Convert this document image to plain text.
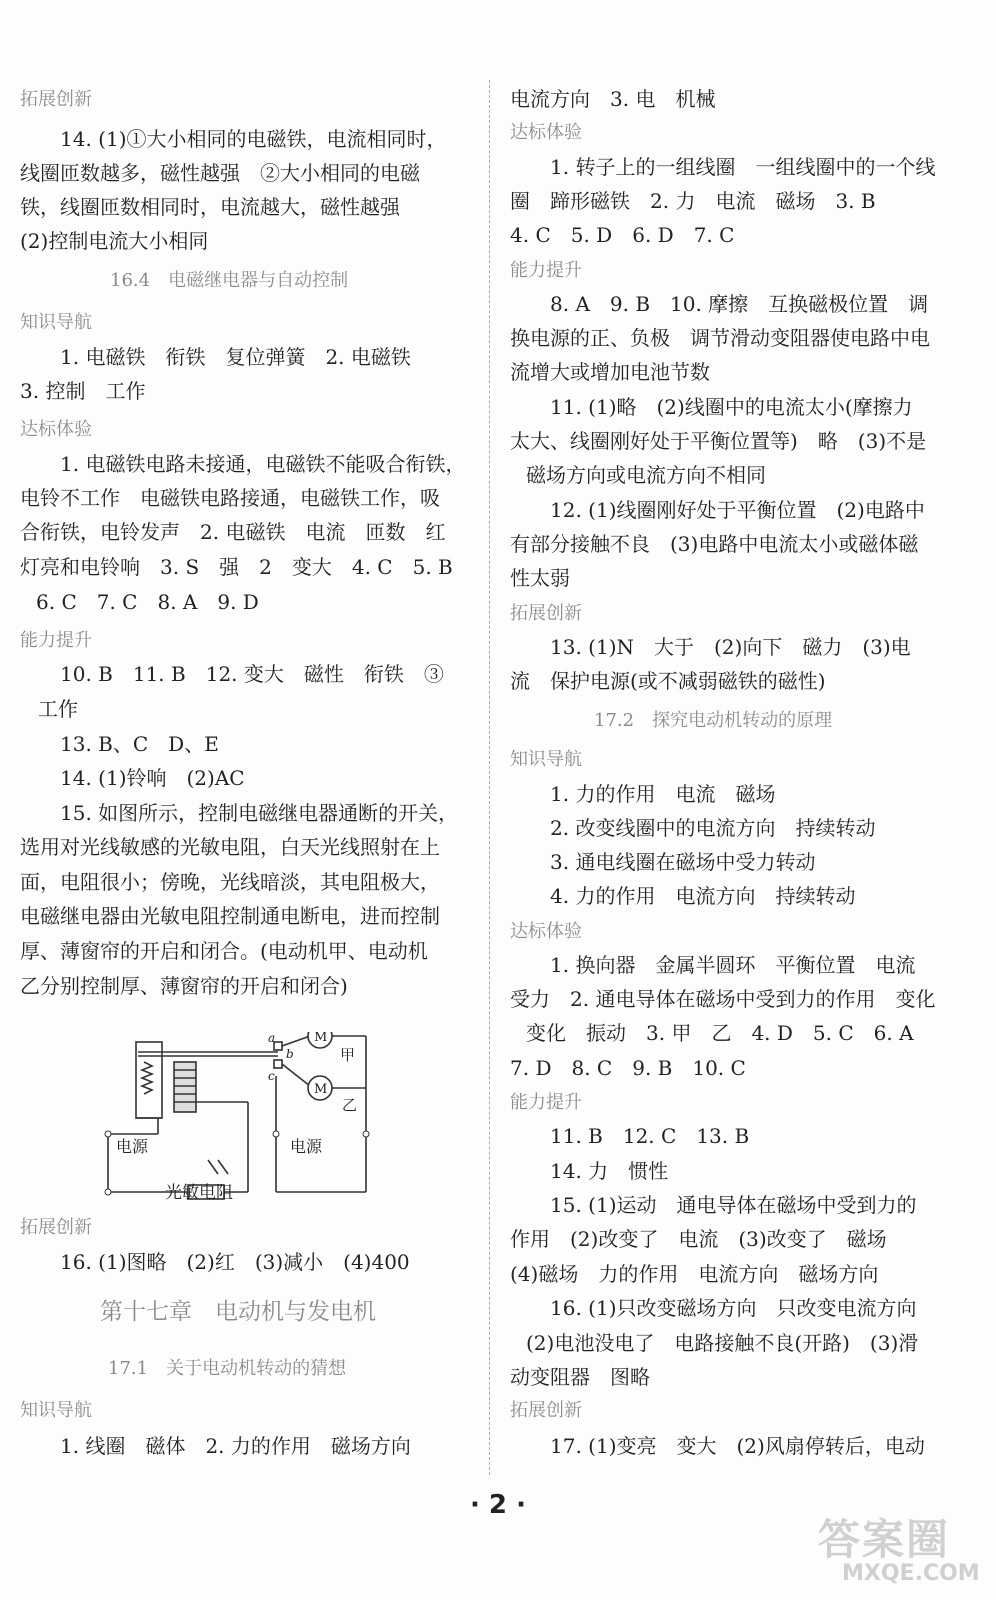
拓展创新
14. (1)①大小相同的电磁铁，电流相同时，
线圈匝数越多，磁性越强　②大小相同的电磁
铁，线圈匝数相同时，电流越大，磁性越强
(2)控制电流大小相同
16.4　电磁继电器与自动控制
知识导航
1. 电磁铁　衔铁　复位弹簧　2. 电磁铁
3. 控制　工作
达标体验
1. 电磁铁电路未接通，电磁铁不能吸合衔铁，
电铃不工作　电磁铁电路接通，电磁铁工作，吸
合衔铁，电铃发声　2. 电磁铁　电流　匝数　红
灯亮和电铃响　3. S　强　2　变大　4. C　5. B
6. C　7. C　8. A　9. D
能力提升
10. B　11. B　12. 变大　磁性　衔铁　③
工作
13. B、C　D、E
14. (1)铃响　(2)AC
15. 如图所示，控制电磁继电器通断的开关，
选用对光线敏感的光敏电阻，白天光线照射在上
面，电阻很小；傍晚，光线暗淡，其电阻极大，
电磁继电器由光敏电阻控制通电断电，进而控制
厚、薄窗帘的开启和闭合。(电动机甲、电动机
乙分别控制厚、薄窗帘的开启和闭合)
a
b
c
M
M
甲
乙
电源	电源
光敏电阻
拓展创新
16. (1)图略　(2)红　(3)减小　(4)400
第十七章　电动机与发电机
17.1　关于电动机转动的猜想
知识导航
1. 线圈　磁体　2. 力的作用　磁场方向
电流方向　3. 电　机械
达标体验
1. 转子上的一组线圈　一组线圈中的一个线
圈　蹄形磁铁　2. 力　电流　磁场　3. B
4. C　5. D　6. D　7. C
能力提升
8. A　9. B　10. 摩擦　互换磁极位置　调
换电源的正、负极　调节滑动变阻器使电路中电
流增大或增加电池节数
11. (1)略　(2)线圈中的电流太小(摩擦力
太大、线圈刚好处于平衡位置等)　略　(3)不是
磁场方向或电流方向不相同
12. (1)线圈刚好处于平衡位置　(2)电路中
有部分接触不良　(3)电路中电流太小或磁体磁
性太弱
拓展创新
13. (1)N　大于　(2)向下　磁力　(3)电
流　保护电源(或不减弱磁铁的磁性)
17.2　探究电动机转动的原理
知识导航
1. 力的作用　电流　磁场
2. 改变线圈中的电流方向　持续转动
3. 通电线圈在磁场中受力转动
4. 力的作用　电流方向　持续转动
达标体验
1. 换向器　金属半圆环　平衡位置　电流
受力　2. 通电导体在磁场中受到力的作用　变化
变化　振动　3. 甲　乙　4. D　5. C　6. A
7. D　8. C　9. B　10. C
能力提升
11. B　12. C　13. B
14. 力　惯性
15. (1)运动　通电导体在磁场中受到力的
作用　(2)改变了　电流　(3)改变了　磁场
(4)磁场　力的作用　电流方向　磁场方向
16. (1)只改变磁场方向　只改变电流方向
(2)电池没电了　电路接触不良(开路)　(3)滑
动变阻器　图略
拓展创新
17. (1)变亮　变大　(2)风扇停转后，电动
· 2 ·
答案圈
MXQE.COM
